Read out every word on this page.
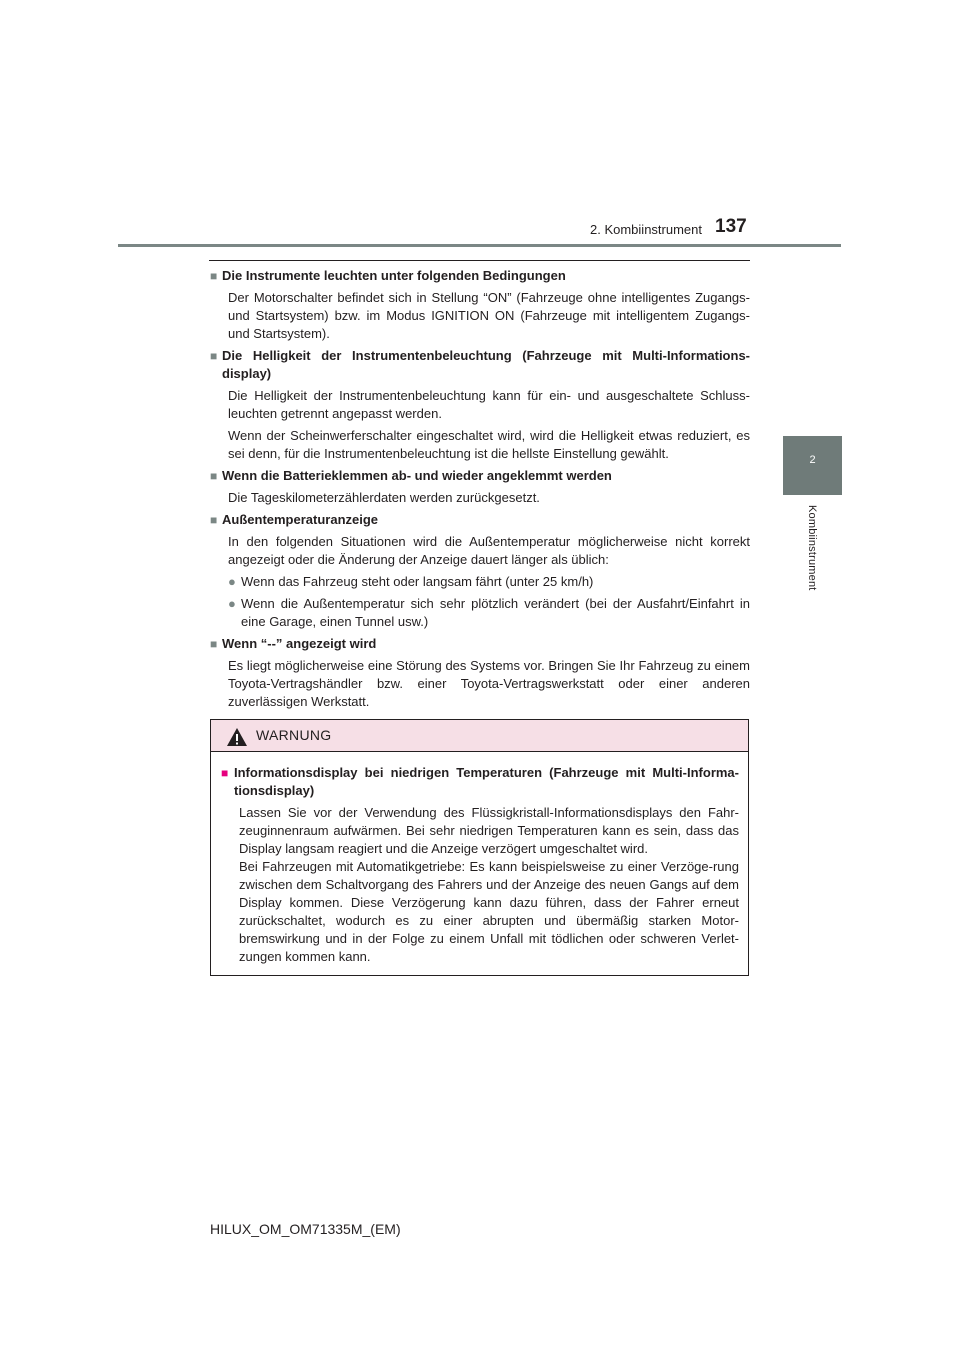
2. Kombiinstrument 137
2
Kombiinstrument
■ Die Instrumente leuchten unter folgenden Bedingungen
Der Motorschalter befindet sich in Stellung “ON” (Fahrzeuge ohne intelligentes Zugangs- und Startsystem) bzw. im Modus IGNITION ON (Fahrzeuge mit intelligentem Zugangs- und Startsystem).
■ Die Helligkeit der Instrumentenbeleuchtung (Fahrzeuge mit Multi-Informations-display)
Die Helligkeit der Instrumentenbeleuchtung kann für ein- und ausgeschaltete Schluss-leuchten getrennt angepasst werden.
Wenn der Scheinwerferschalter eingeschaltet wird, wird die Helligkeit etwas reduziert, es sei denn, für die Instrumentenbeleuchtung ist die hellste Einstellung gewählt.
■ Wenn die Batterieklemmen ab- und wieder angeklemmt werden
Die Tageskilometerzählerdaten werden zurückgesetzt.
■ Außentemperaturanzeige
In den folgenden Situationen wird die Außentemperatur möglicherweise nicht korrekt angezeigt oder die Änderung der Anzeige dauert länger als üblich:
● Wenn das Fahrzeug steht oder langsam fährt (unter 25 km/h)
● Wenn die Außentemperatur sich sehr plötzlich verändert (bei der Ausfahrt/Einfahrt in eine Garage, einen Tunnel usw.)
■ Wenn “--” angezeigt wird
Es liegt möglicherweise eine Störung des Systems vor. Bringen Sie Ihr Fahrzeug zu einem Toyota-Vertragshändler bzw. einer Toyota-Vertragswerkstatt oder einer anderen zuverlässigen Werkstatt.
WARNUNG
■ Informationsdisplay bei niedrigen Temperaturen (Fahrzeuge mit Multi-Informa-tionsdisplay)
Lassen Sie vor der Verwendung des Flüssigkristall-Informationsdisplays den Fahr-zeuginnenraum aufwärmen. Bei sehr niedrigen Temperaturen kann es sein, dass das Display langsam reagiert und die Anzeige verzögert umgeschaltet wird.
Bei Fahrzeugen mit Automatikgetriebe: Es kann beispielsweise zu einer Verzöge-rung zwischen dem Schaltvorgang des Fahrers und der Anzeige des neuen Gangs auf dem Display kommen. Diese Verzögerung kann dazu führen, dass der Fahrer erneut zurückschaltet, wodurch es zu einer abrupten und übermäßig starken Motor-bremswirkung und in der Folge zu einem Unfall mit tödlichen oder schweren Verlet-zungen kommen kann.
HILUX_OM_OM71335M_(EM)
